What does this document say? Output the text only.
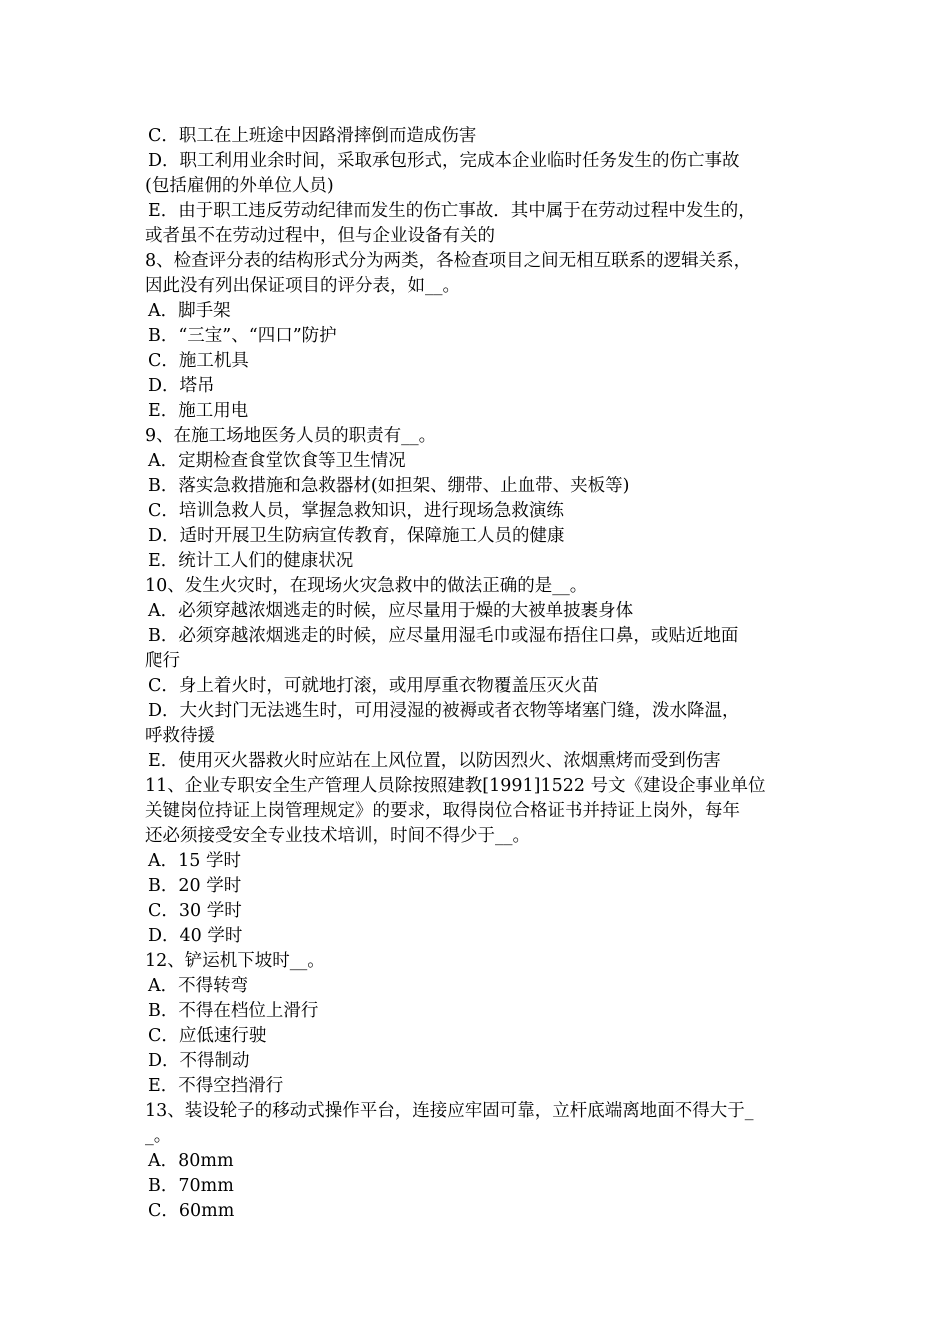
C．职工在上班途中因路滑摔倒而造成伤害
D．职工利用业余时间，采取承包形式，完成本企业临时任务发生的伤亡事故
(包括雇佣的外单位人员)
E．由于职工违反劳动纪律而发生的伤亡事故．其中属于在劳动过程中发生的，
或者虽不在劳动过程中，但与企业设备有关的
8、检查评分表的结构形式分为两类，各检查项目之间无相互联系的逻辑关系，
因此没有列出保证项目的评分表，如__。
A．脚手架
B．“三宝”、“四口”防护
C．施工机具
D．塔吊
E．施工用电
9、在施工场地医务人员的职责有__。
A．定期检查食堂饮食等卫生情况
B．落实急救措施和急救器材(如担架、绷带、止血带、夹板等)
C．培训急救人员，掌握急救知识，进行现场急救演练
D．适时开展卫生防病宣传教育，保障施工人员的健康
E．统计工人们的健康状况
10、发生火灾时，在现场火灾急救中的做法正确的是__。
A．必须穿越浓烟逃走的时候，应尽量用于燥的大被单披裹身体
B．必须穿越浓烟逃走的时候，应尽量用湿毛巾或湿布捂住口鼻，或贴近地面
爬行
C．身上着火时，可就地打滚，或用厚重衣物覆盖压灭火苗
D．大火封门无法逃生时，可用浸湿的被褥或者衣物等堵塞门缝，泼水降温，
呼救待援
E．使用灭火器救火时应站在上风位置，以防因烈火、浓烟熏烤而受到伤害
11、企业专职安全生产管理人员除按照建教[1991]1522 号文《建设企事业单位
关键岗位持证上岗管理规定》的要求，取得岗位合格证书并持证上岗外，每年
还必须接受安全专业技术培训，时间不得少于__。
A．15 学时
B．20 学时
C．30 学时
D．40 学时
12、铲运机下坡时__。
A．不得转弯
B．不得在档位上滑行
C．应低速行驶
D．不得制动
E．不得空挡滑行
13、装设轮子的移动式操作平台，连接应牢固可靠，立杆底端离地面不得大于_
_。
A．80mm
B．70mm
C．60mm
